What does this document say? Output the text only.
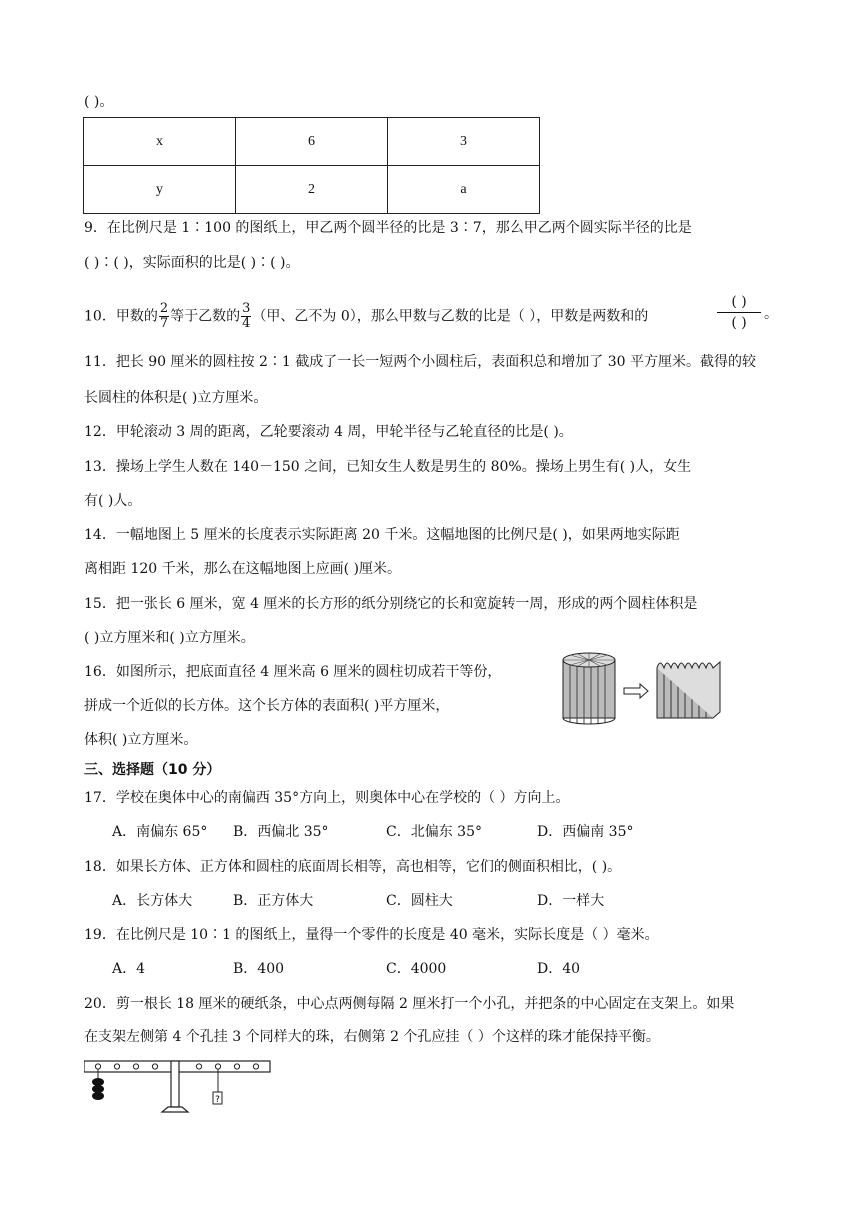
( )。
x	6	3
y	2	a
9．在比例尺是 1∶100 的图纸上，甲乙两个圆半径的比是 3∶7，那么甲乙两个圆实际半径的比是
( )∶( )，实际面积的比是( )∶( )。
10．甲数的 $\frac{2}{7}$ 等于乙数的 $\frac{3}{4}$ （甲、乙不为 0），那么甲数与乙数的比是（ ），甲数是两数和的
( )
( )
。
11．把长 90 厘米的圆柱按 2∶1 截成了一长一短两个小圆柱后，表面积总和增加了 30 平方厘米。截得的较
长圆柱的体积是( )立方厘米。
12．甲轮滚动 3 周的距离，乙轮要滚动 4 周，甲轮半径与乙轮直径的比是( )。
13．操场上学生人数在 140－150 之间，已知女生人数是男生的 80%。操场上男生有( )人，女生
有( )人。
14．一幅地图上 5 厘米的长度表示实际距离 20 千米。这幅地图的比例尺是( )，如果两地实际距
离相距 120 千米，那么在这幅地图上应画( )厘米。
15．把一张长 6 厘米，宽 4 厘米的长方形的纸分别绕它的长和宽旋转一周，形成的两个圆柱体积是
( )立方厘米和( )立方厘米。
16．如图所示，把底面直径 4 厘米高 6 厘米的圆柱切成若干等份，
拼成一个近似的长方体。这个长方体的表面积( )平方厘米，
体积( )立方厘米。
三、选择题（10 分）
17．学校在奥体中心的南偏西 35°方向上，则奥体中心在学校的（ ）方向上。
A．南偏东 65° B．西偏北 35°	C．北偏东 35°	D．西偏南 35°
18．如果长方体、正方体和圆柱的底面周长相等，高也相等，它们的侧面积相比，( )。
A．长方体大	B．正方体大	C．圆柱大	D．一样大
19．在比例尺是 10∶1 的图纸上，量得一个零件的长度是 40 毫米，实际长度是（ ）毫米。
A．4	B．400	C．4000	D．40
20．剪一根长 18 厘米的硬纸条，中心点两侧每隔 2 厘米打一个小孔，并把条的中心固定在支架上。如果
在支架左侧第 4 个孔挂 3 个同样大的珠，右侧第 2 个孔应挂（ ）个这样的珠才能保持平衡。
?
